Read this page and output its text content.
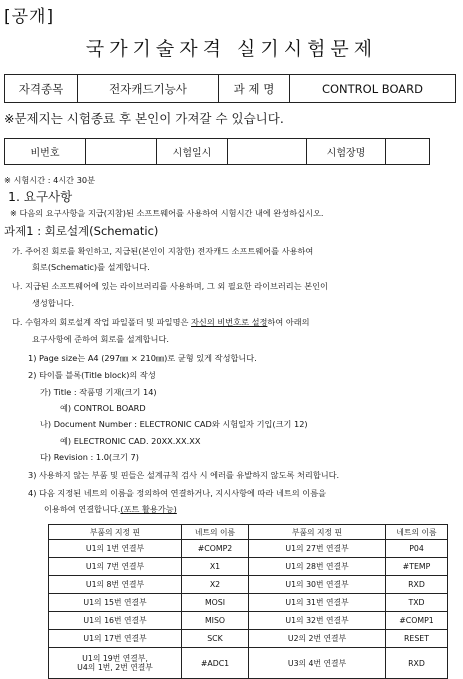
[공개]
국가기술자격 실기시험문제
자격종목	전자캐드기능사	과 제 명	CONTROL BOARD
※문제지는 시험종료 후 본인이 가져갈 수 있습니다.
비번호		시험일시		시험장명	
※ 시험시간 : 4시간 30분
1. 요구사항
※ 다음의 요구사항을 지급(지참)된 소프트웨어를 사용하여 시험시간 내에 완성하십시오.
과제1 : 회로설계(Schematic)
가. 주어진 회로를 확인하고, 지급된(본인이 지참한) 전자캐드 소프트웨어를 사용하여
회로(Schematic)를 설계합니다.
나. 지급된 소프트웨어에 있는 라이브러리를 사용하며, 그 외 필요한 라이브러리는 본인이
생성합니다.
다. 수험자의 회로설계 작업 파일폴더 및 파일명은 자신의 비번호로 설정하여 아래의
요구사항에 준하여 회로를 설계합니다.
1) Page size는 A4 (297㎜ × 210㎜)로 균형 있게 작성합니다.
2) 타이틀 블록(Title block)의 작성
가) Title : 작품명 기재(크기 14)
예) CONTROL BOARD
나) Document Number : ELECTRONIC CAD와 시험일자 기입(크기 12)
예) ELECTRONIC CAD. 20XX.XX.XX
다) Revision : 1.0(크기 7)
3) 사용하지 않는 부품 및 핀들은 설계규칙 검사 시 에러를 유발하지 않도록 처리합니다.
4) 다음 지정된 네트의 이름을 정의하여 연결하거나, 지시사항에 따라 네트의 이름을
이용하여 연결합니다.(포트 활용가능)
부품의 지정 핀	네트의 이름	부품의 지정 핀	네트의 이름
U1의 1번 연결부	#COMP2	U1의 27번 연결부	P04
U1의 7번 연결부	X1	U1의 28번 연결부	#TEMP
U1의 8번 연결부	X2	U1의 30번 연결부	RXD
U1의 15번 연결부	MOSI	U1의 31번 연결부	TXD
U1의 16번 연결부	MISO	U1의 32번 연결부	#COMP1
U1의 17번 연결부	SCK	U2의 2번 연결부	RESET

U1의 19번 연결부,
U4의 1번, 2번 연결부	#ADC1	U3의 4번 연결부	RXD
